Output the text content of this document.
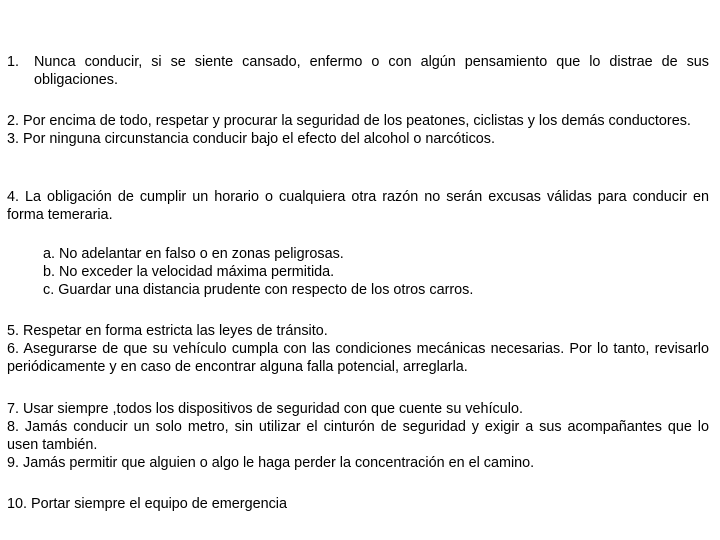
1. Nunca conducir, si se siente cansado, enfermo o con algún pensamiento que lo distrae de sus obligaciones.
2. Por encima de todo, respetar y procurar la seguridad de los peatones, ciclistas y los demás conductores.
3. Por ninguna circunstancia conducir bajo el efecto del alcohol o narcóticos.
4. La obligación de cumplir un horario o cualquiera otra razón no serán excusas válidas para conducir en forma temeraria.
a. No adelantar en falso o en zonas peligrosas.
b. No exceder la velocidad máxima permitida.
c. Guardar una distancia prudente con respecto de los otros carros.
5. Respetar en forma estricta las leyes de tránsito.
6. Asegurarse de que su vehículo cumpla con las condiciones mecánicas necesarias. Por lo tanto, revisarlo periódicamente y en caso de encontrar alguna falla potencial, arreglarla.
7. Usar siempre ,todos los dispositivos de seguridad con que cuente su vehículo.
8. Jamás conducir un solo metro, sin utilizar el cinturón de seguridad y exigir a sus acompañantes que lo usen también.
9. Jamás permitir que alguien o algo le haga perder la concentración en el camino.
10. Portar siempre el equipo de emergencia
